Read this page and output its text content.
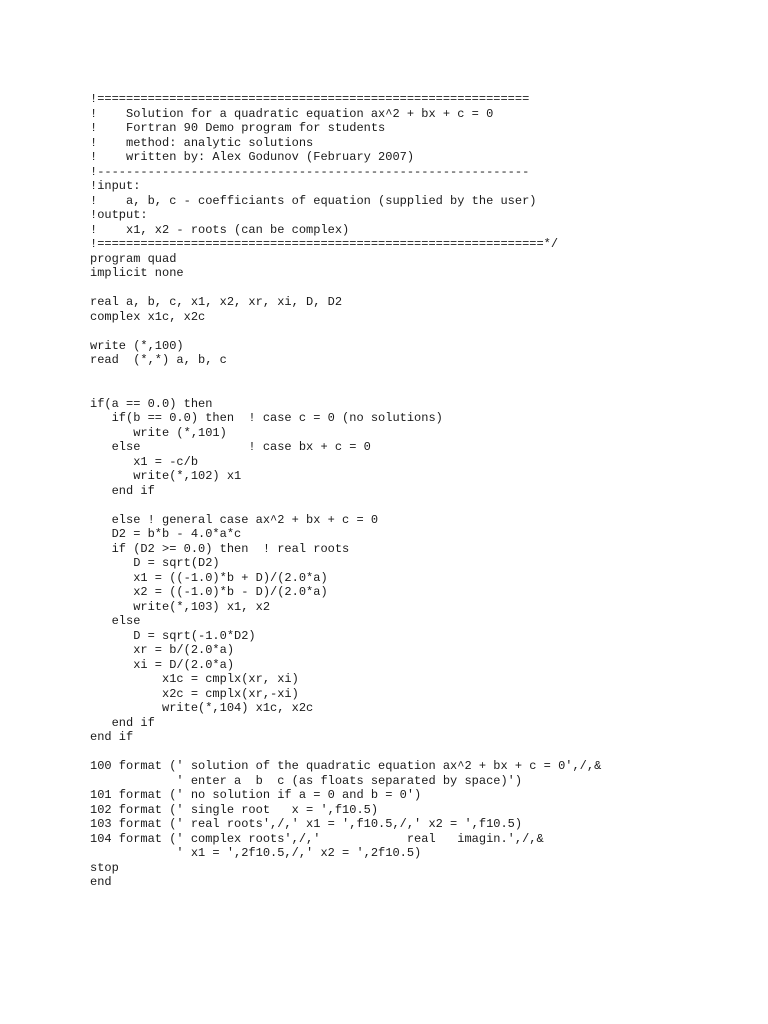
!============================================================
!    Solution for a quadratic equation ax^2 + bx + c = 0
!    Fortran 90 Demo program for students
!    method: analytic solutions
!    written by: Alex Godunov (February 2007)
!------------------------------------------------------------
!input:
!    a, b, c - coefficiants of equation (supplied by the user)
!output:
!    x1, x2 - roots (can be complex)
!==============================================================*/
program quad
implicit none
real a, b, c, x1, x2, xr, xi, D, D2
complex x1c, x2c
write (*,100)
read  (*,*) a, b, c
if(a == 0.0) then
if(b == 0.0) then  ! case c = 0 (no solutions)
write (*,101)
else               ! case bx + c = 0
x1 = -c/b
write(*,102) x1
end if
else ! general case ax^2 + bx + c = 0
D2 = b*b - 4.0*a*c
if (D2 >= 0.0) then  ! real roots
D = sqrt(D2)
x1 = ((-1.0)*b + D)/(2.0*a)
x2 = ((-1.0)*b - D)/(2.0*a)
write(*,103) x1, x2
else
D = sqrt(-1.0*D2)
xr = b/(2.0*a)
xi = D/(2.0*a)
x1c = cmplx(xr, xi)
x2c = cmplx(xr,-xi)
write(*,104) x1c, x2c
end if
end if
100 format (' solution of the quadratic equation ax^2 + bx + c = 0',/,&
' enter a  b  c (as floats separated by space)')
101 format (' no solution if a = 0 and b = 0')
102 format (' single root   x = ',f10.5)
103 format (' real roots',/,' x1 = ',f10.5,/,' x2 = ',f10.5)
104 format (' complex roots',/,'            real   imagin.',/,&
' x1 = ',2f10.5,/,' x2 = ',2f10.5)
stop
end
